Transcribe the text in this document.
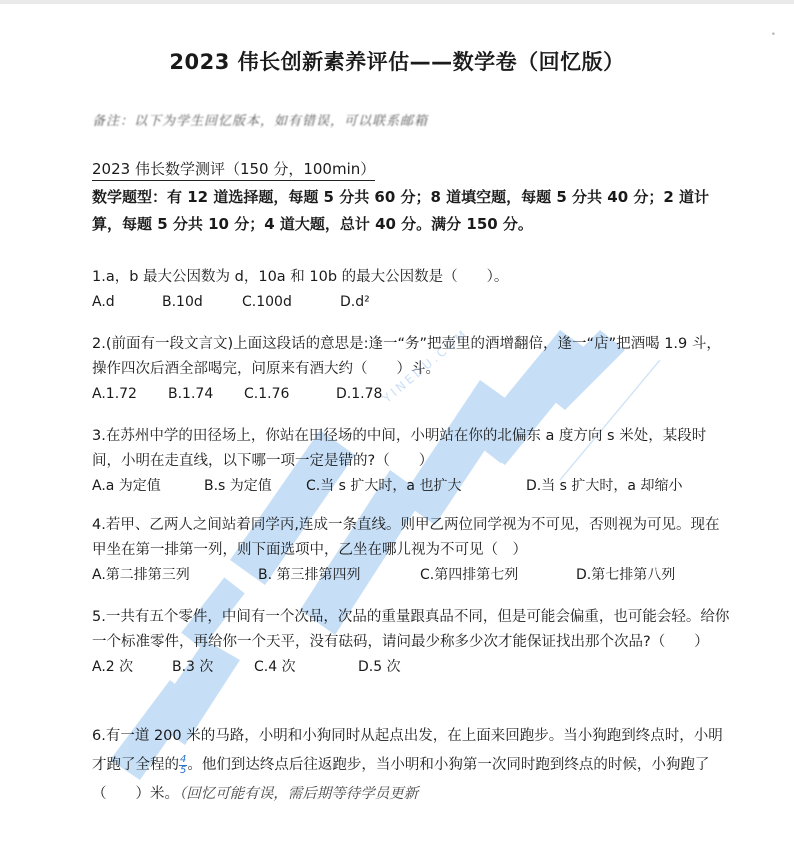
•
YINEDU.COM
2023 伟长创新素养评估——数学卷（回忆版）
备注：以下为学生回忆版本，如有错误，可以联系邮箱
2023 伟长数学测评（150 分，100min）
数学题型：有 12 道选择题，每题 5 分共 60 分；8 道填空题，每题 5 分共 40 分；2 道计算，每题 5 分共 10 分；4 道大题，总计 40 分。满分 150 分。
1.a，b 最大公因数为 d，10a 和 10b 的最大公因数是（　　）。
A.d	B.10d	C.100d	D.d²
2.(前面有一段文言文)上面这段话的意思是:逢一“务”把壶里的酒增翻倍，逢一“店”把酒喝 1.9 斗，操作四次后酒全部喝完，问原来有酒大约（　　）斗。
A.1.72 B.1.74 C.1.76	D.1.78
3.在苏州中学的田径场上，你站在田径场的中间，小明站在你的北偏东 a 度方向 s 米处，某段时间，小明在走直线，以下哪一项一定是错的?（　　）
A.a 为定值	B.s 为定值 C.当 s 扩大时，a 也扩大	D.当 s 扩大时，a 却缩小
4.若甲、乙两人之间站着同学丙,连成一条直线。则甲乙两位同学视为不可见，否则视为可见。现在甲坐在第一排第一列，则下面选项中，乙坐在哪儿视为不可见（　）
A.第二排第三列	B. 第三排第四列	C.第四排第七列	D.第七排第八列
5.一共有五个零件，中间有一个次品，次品的重量跟真品不同，但是可能会偏重，也可能会轻。给你一个标准零件，再给你一个天平，没有砝码，请问最少称多少次才能保证找出那个次品?（　　）
A.2 次	B.3 次	C.4 次	D.5 次
6.有一道 200 米的马路，小明和小狗同时从起点出发，在上面来回跑步。当小狗跑到终点时，小明才跑了全程的 $\frac{4}{5}$ 。他们到达终点后往返跑步，当小明和小狗第一次同时跑到终点的时候，小狗跑了（　　）米。（回忆可能有误，需后期等待学员更新
